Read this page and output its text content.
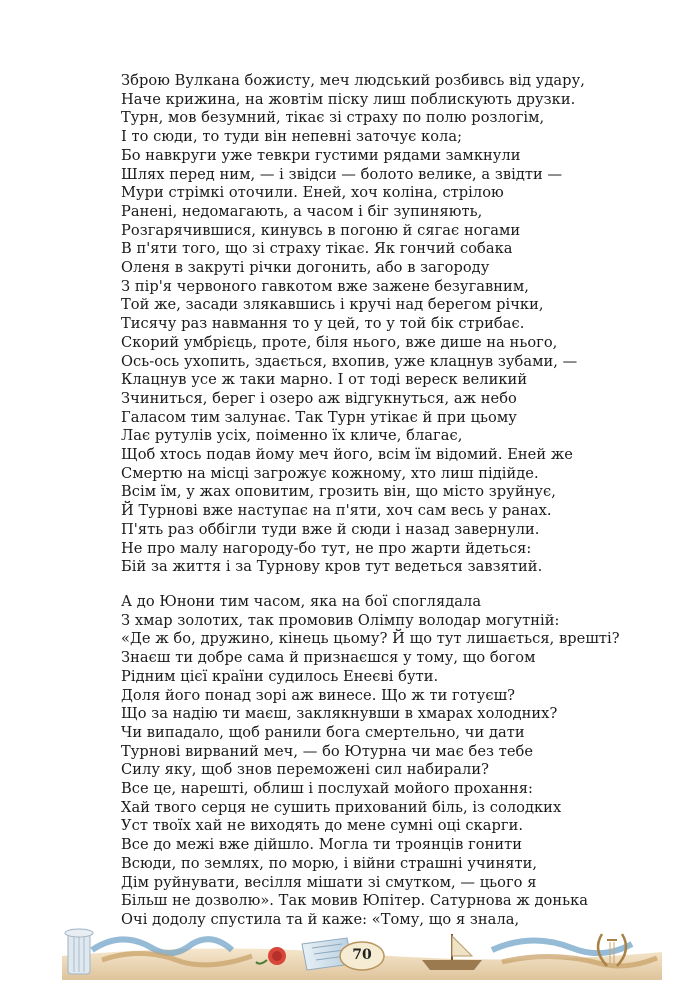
Зброю Вулкана божисту, меч людський розбивсь від удару,
Наче крижина, на жовтім піску лиш поблискують друзки.
Турн, мов безумний, тікає зі страху по полю розлогім,
І то сюди, то туди він непевні заточує кола;
Бо навкруги уже тевкри густими рядами замкнули
Шлях перед ним, — і звідси — болото велике, а звідти —
Мури стрімкі оточили. Еней, хоч коліна, стрілою
Ранені, недомагають, а часом і біг зупиняють,
Розгарячившися, кинувсь в погоню й сягає ногами
В п'яти того, що зі страху тікає. Як гончий собака
Оленя в закруті річки догонить, або в загороду
З пір'я червоного гавкотом вже зажене безугавним,
Той же, засади злякавшись і кручі над берегом річки,
Тисячу раз навмання то у цей, то у той бік стрибає.
Скорий умбрієць, проте, біля нього, вже дише на нього,
Ось-ось ухопить, здається, вхопив, уже клацнув зубами, —
Клацнув усе ж таки марно. І от тоді вереск великий
Зчиниться, берег і озеро аж відгукнуться, аж небо
Галасом тим залунає. Так Турн утікає й при цьому
Лає рутулів усіх, поіменно їх кличе, благає,
Щоб хтось подав йому меч його, всім їм відомий. Еней же
Смертю на місці загрожує кожному, хто лиш підійде.
Всім їм, у жах оповитим, грозить він, що місто зруйнує,
Й Турнові вже наступає на п'яти, хоч сам весь у ранах.
П'ять раз оббігли туди вже й сюди і назад завернули.
Не про малу нагороду-бо тут, не про жарти йдеться:
Бій за життя і за Турнову кров тут ведеться завзятий.
А до Юнони тим часом, яка на бої споглядала
З хмар золотих, так промовив Олімпу володар могутній:
«Де ж бо, дружино, кінець цьому? Й що тут лишається, врешті?
Знаєш ти добре сама й признаєшся у тому, що богом
Рідним цієї країни судилось Енеєві бути.
Доля його понад зорі аж винесе. Що ж ти готуєш?
Що за надію ти маєш, заклякнувши в хмарах холодних?
Чи випадало, щоб ранили бога смертельно, чи дати
Турнові вирваний меч, — бо Ютурна чи має без тебе
Силу яку, щоб знов переможені сил набирали?
Все це, нарешті, облиш і послухай мойого прохання:
Хай твого серця не сушить прихований біль, із солодких
Уст твоїх хай не виходять до мене сумні оці скарги.
Все до межі вже дійшло. Могла ти троянців гонити
Всюди, по землях, по морю, і війни страшні учиняти,
Дім руйнувати, весілля мішати зі смутком, — цього я
Більш не дозволю». Так мовив Юпітер. Сатурнова ж донька
Очі додолу спустила та й каже: «Тому, що я знала,
70
